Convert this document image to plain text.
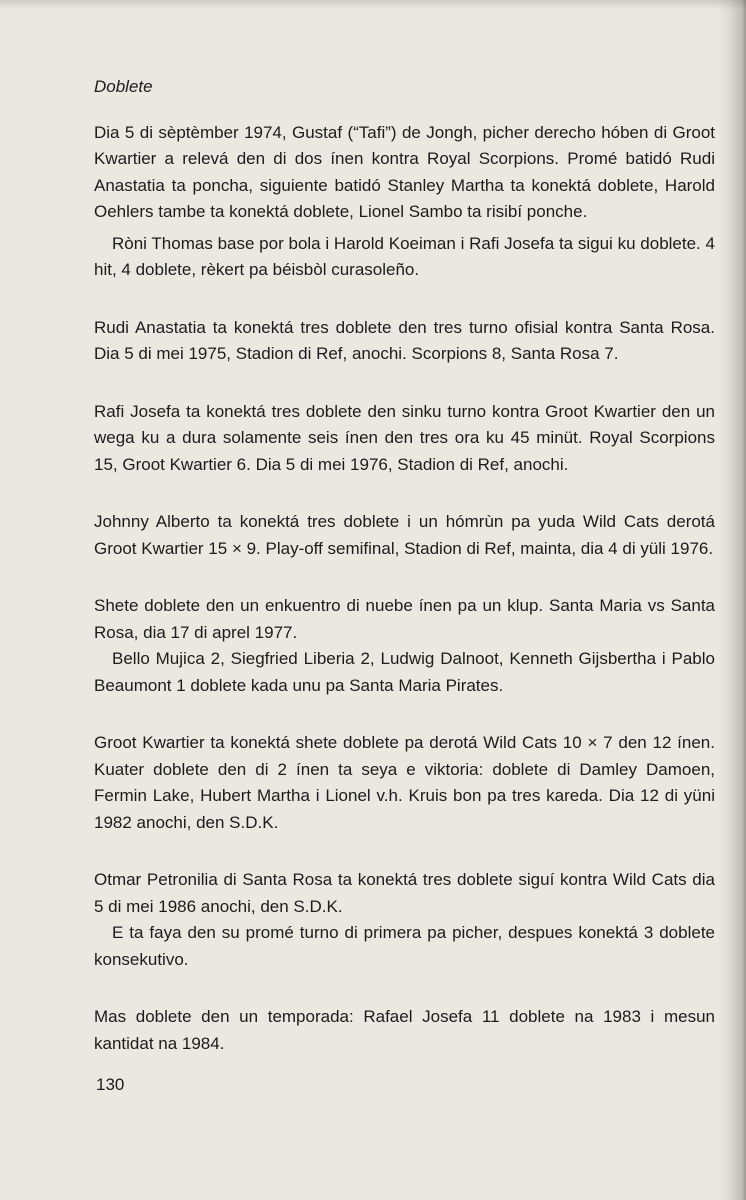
Doblete

Dia 5 di sèptèmber 1974, Gustaf (“Tafi”) de Jongh, picher derecho hóben di Groot Kwartier a relevá den di dos ínen kontra Royal Scorpions. Promé batidó Rudi Anastatia ta poncha, siguiente batidó Stanley Martha ta konektá doblete, Harold Oehlers tambe ta konektá doblete, Lionel Sambo ta risibí ponche.

Ròni Thomas base por bola i Harold Koeiman i Rafi Josefa ta sigui ku doblete. 4 hit, 4 doblete, rèkert pa béisbòl curasoleño.

Rudi Anastatia ta konektá tres doblete den tres turno ofisial kontra Santa Rosa. Dia 5 di mei 1975, Stadion di Ref, anochi. Scorpions 8, Santa Rosa 7.

Rafi Josefa ta konektá tres doblete den sinku turno kontra Groot Kwartier den un wega ku a dura solamente seis ínen den tres ora ku 45 minüt. Royal Scorpions 15, Groot Kwartier 6. Dia 5 di mei 1976, Stadion di Ref, anochi.

Johnny Alberto ta konektá tres doblete i un hómrùn pa yuda Wild Cats derotá Groot Kwartier 15 × 9. Play-off semifinal, Stadion di Ref, mainta, dia 4 di yüli 1976.

Shete doblete den un enkuentro di nuebe ínen pa un klup. Santa Maria vs Santa Rosa, dia 17 di aprel 1977.

Bello Mujica 2, Siegfried Liberia 2, Ludwig Dalnoot, Kenneth Gijsbertha i Pablo Beaumont 1 doblete kada unu pa Santa Maria Pirates.

Groot Kwartier ta konektá shete doblete pa derotá Wild Cats 10 × 7 den 12 ínen. Kuater doblete den di 2 ínen ta seya e viktoria: doblete di Damley Damoen, Fermin Lake, Hubert Martha i Lionel v.h. Kruis bon pa tres kareda. Dia 12 di yüni 1982 anochi, den S.D.K.

Otmar Petronilia di Santa Rosa ta konektá tres doblete siguí kontra Wild Cats dia 5 di mei 1986 anochi, den S.D.K.

E ta faya den su promé turno di primera pa picher, despues konektá 3 doblete konsekutivo.

Mas doblete den un temporada: Rafael Josefa 11 doblete na 1983 i mesun kantidat na 1984.

130
